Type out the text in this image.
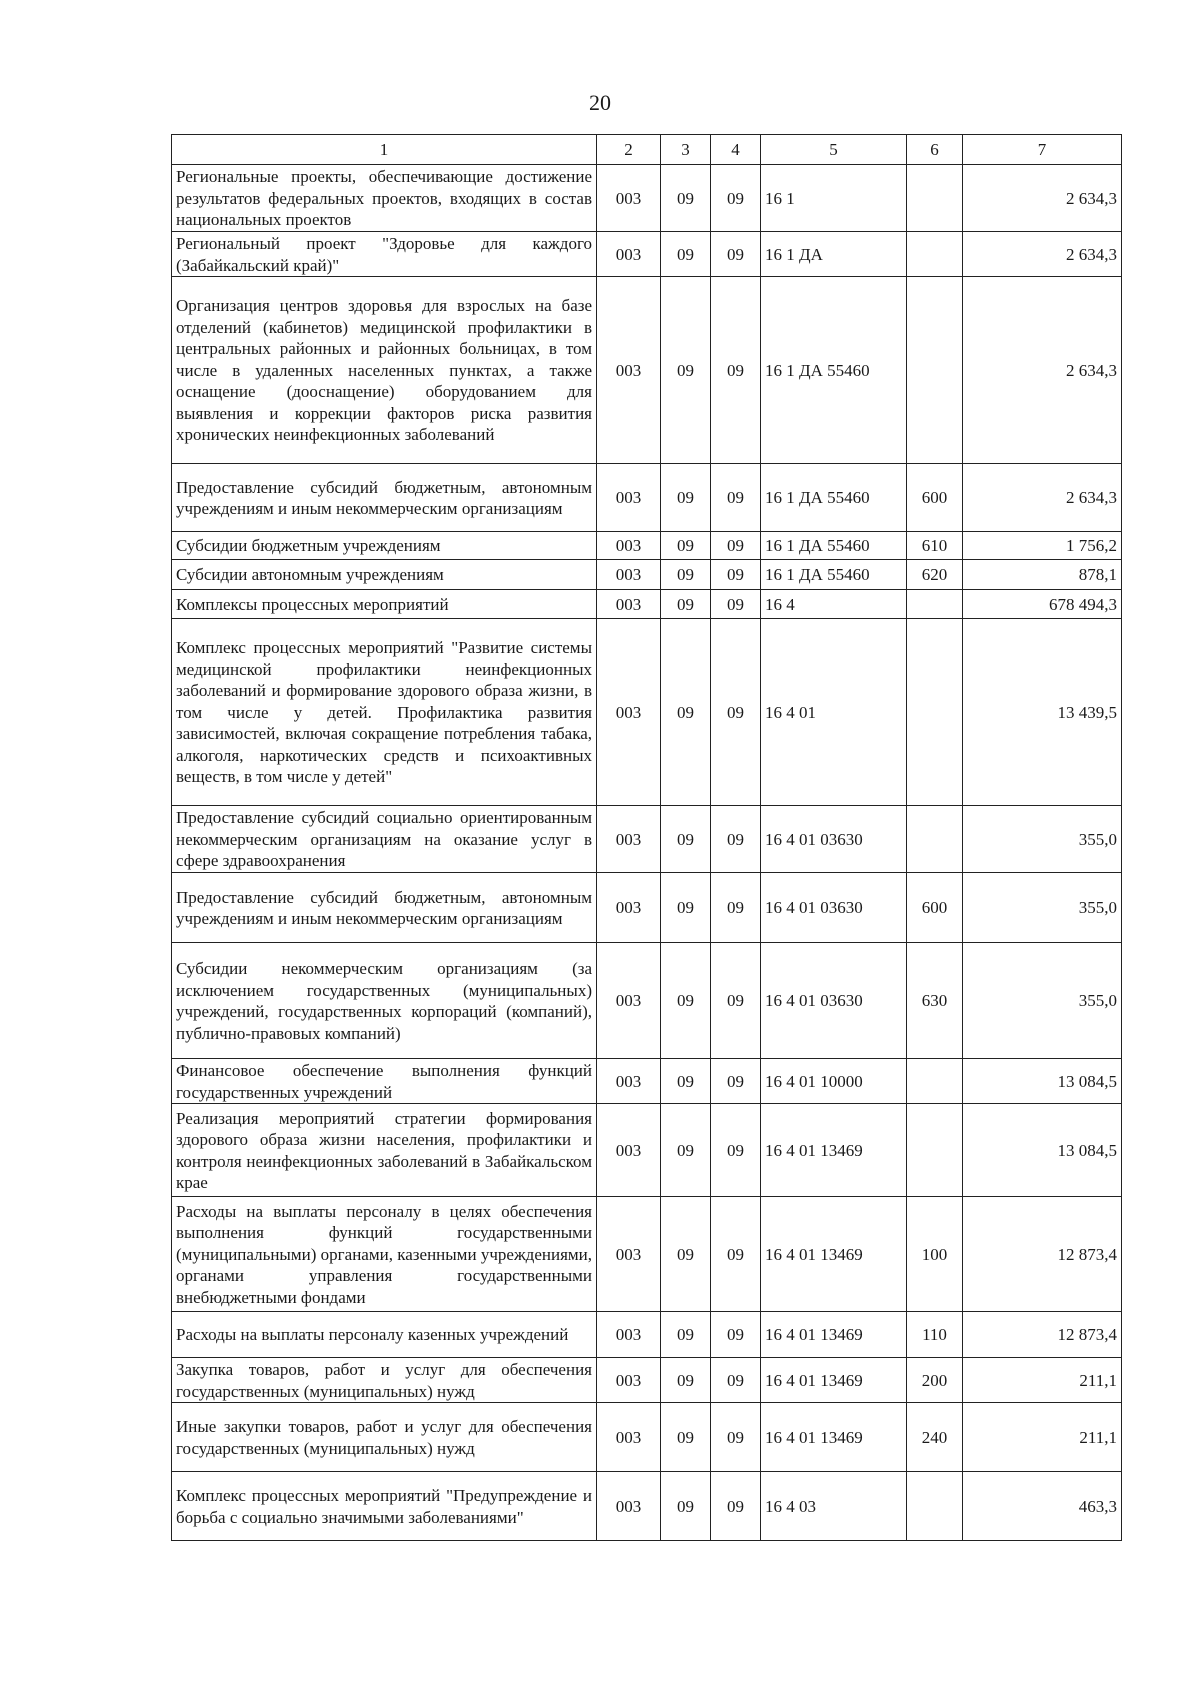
20
1	2	3	4	5	6	7
Региональные проекты, обеспечивающие достижение результатов федеральных проектов, входящих в состав национальных проектов	003	09	09	16 1		2 634,3
Региональный проект "Здоровье для каждого (Забайкальский край)"	003	09	09	16 1 ДА		2 634,3
Организация центров здоровья для взрослых на базе отделений (кабинетов) медицинской профилактики в центральных районных и районных больницах, в том числе в удаленных населенных пунктах, а также оснащение (дооснащение) оборудованием для выявления и коррекции факторов риска развития хронических неинфекционных заболеваний	003	09	09	16 1 ДА 55460		2 634,3
Предоставление субсидий бюджетным, автономным учреждениям и иным некоммерческим организациям	003	09	09	16 1 ДА 55460	600	2 634,3
Субсидии бюджетным учреждениям	003	09	09	16 1 ДА 55460	610	1 756,2
Субсидии автономным учреждениям	003	09	09	16 1 ДА 55460	620	878,1
Комплексы процессных мероприятий	003	09	09	16 4		678 494,3
Комплекс процессных мероприятий "Развитие системы медицинской профилактики неинфекционных заболеваний и формирование здорового образа жизни, в том числе у детей. Профилактика развития зависимостей, включая сокращение потребления табака, алкоголя, наркотических средств и психоактивных веществ, в том числе у детей"	003	09	09	16 4 01		13 439,5
Предоставление субсидий социально ориентированным некоммерческим организациям на оказание услуг в сфере здравоохранения	003	09	09	16 4 01 03630		355,0
Предоставление субсидий бюджетным, автономным учреждениям и иным некоммерческим организациям	003	09	09	16 4 01 03630	600	355,0
Субсидии некоммерческим организациям (за исключением государственных (муниципальных) учреждений, государственных корпораций (компаний), публично-правовых компаний)	003	09	09	16 4 01 03630	630	355,0
Финансовое обеспечение выполнения функций государственных учреждений	003	09	09	16 4 01 10000		13 084,5
Реализация мероприятий стратегии формирования здорового образа жизни населения, профилактики и контроля неинфекционных заболеваний в Забайкальском крае	003	09	09	16 4 01 13469		13 084,5
Расходы на выплаты персоналу в целях обеспечения выполнения функций государственными (муниципальными) органами, казенными учреждениями, органами управления государственными внебюджетными фондами	003	09	09	16 4 01 13469	100	12 873,4
Расходы на выплаты персоналу казенных учреждений	003	09	09	16 4 01 13469	110	12 873,4
Закупка товаров, работ и услуг для обеспечения государственных (муниципальных) нужд	003	09	09	16 4 01 13469	200	211,1
Иные закупки товаров, работ и услуг для обеспечения государственных (муниципальных) нужд	003	09	09	16 4 01 13469	240	211,1
Комплекс процессных мероприятий "Предупреждение и борьба с социально значимыми заболеваниями"	003	09	09	16 4 03		463,3
